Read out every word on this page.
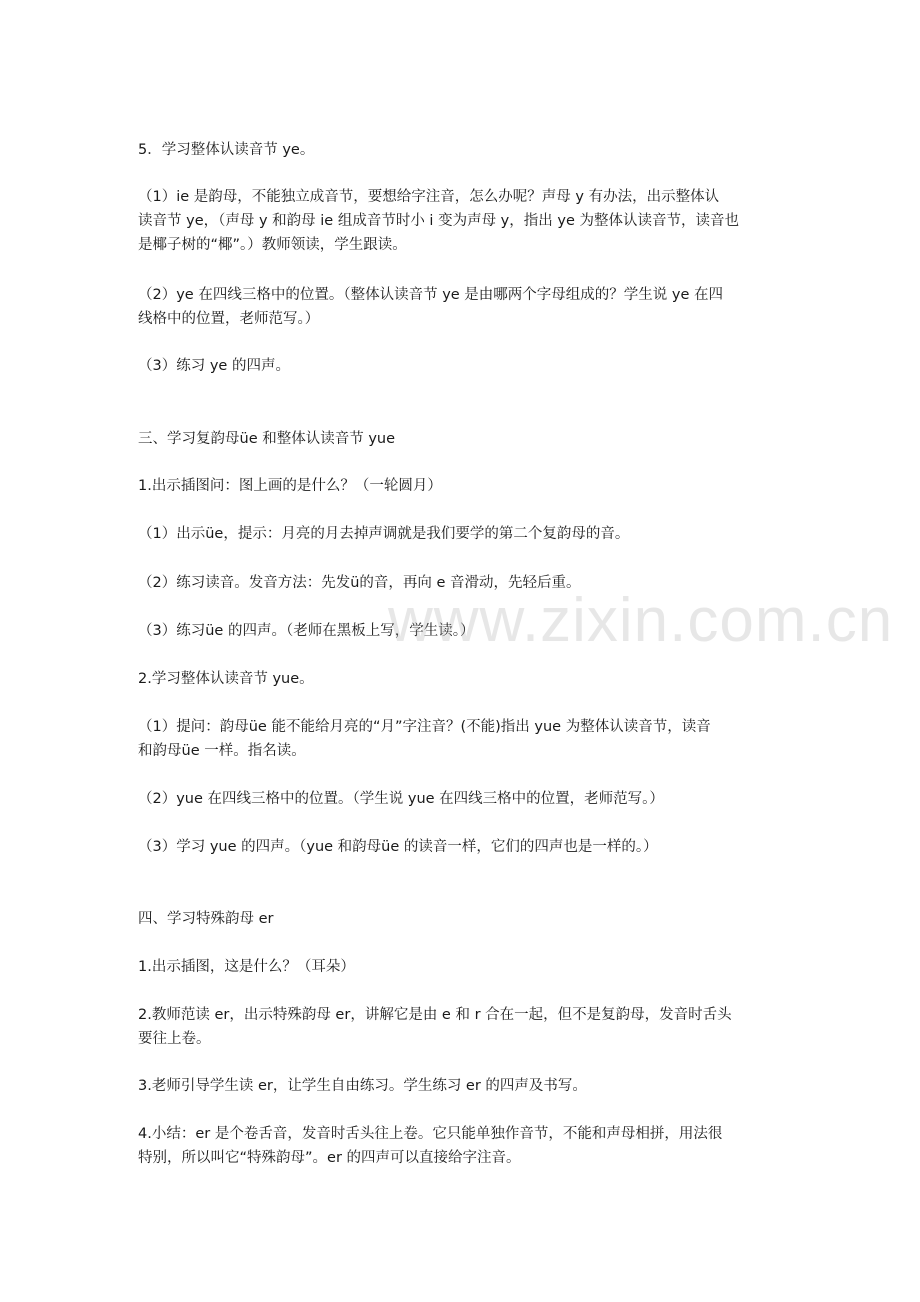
5．学习整体认读音节 ye。

（1）ie 是韵母，不能独立成音节，要想给字注音，怎么办呢？声母 y 有办法，出示整体认
读音节 ye，（声母 y 和韵母 ie 组成音节时小 i 变为声母 y，指出 ye 为整体认读音节，读音也
是椰子树的“椰”。）教师领读，学生跟读。

（2）ye 在四线三格中的位置。（整体认读音节 ye 是由哪两个字母组成的？学生说 ye 在四
线格中的位置，老师范写。）

（3）练习 ye 的四声。

三、学习复韵母üe 和整体认读音节 yue

1.出示插图问：图上画的是什么？（一轮圆月）

（1）出示üe，提示：月亮的月去掉声调就是我们要学的第二个复韵母的音。

（2）练习读音。发音方法：先发ü的音，再向 e 音滑动，先轻后重。

（3）练习üe 的四声。（老师在黑板上写，学生读。）

2.学习整体认读音节 yue。

（1）提问：韵母üe 能不能给月亮的“月”字注音？(不能)指出 yue 为整体认读音节，读音
和韵母üe 一样。指名读。

（2）yue 在四线三格中的位置。（学生说 yue 在四线三格中的位置，老师范写。）

（3）学习 yue 的四声。（yue 和韵母üe 的读音一样，它们的四声也是一样的。）

四、学习特殊韵母 er

1.出示插图，这是什么？（耳朵）

2.教师范读 er，出示特殊韵母 er，讲解它是由 e 和 r 合在一起，但不是复韵母，发音时舌头
要往上卷。

3.老师引导学生读 er，让学生自由练习。学生练习 er 的四声及书写。

4.小结：er 是个卷舌音，发音时舌头往上卷。它只能单独作音节，不能和声母相拼，用法很
特别，所以叫它“特殊韵母”。er 的四声可以直接给字注音。

www.zixin.com.cn
